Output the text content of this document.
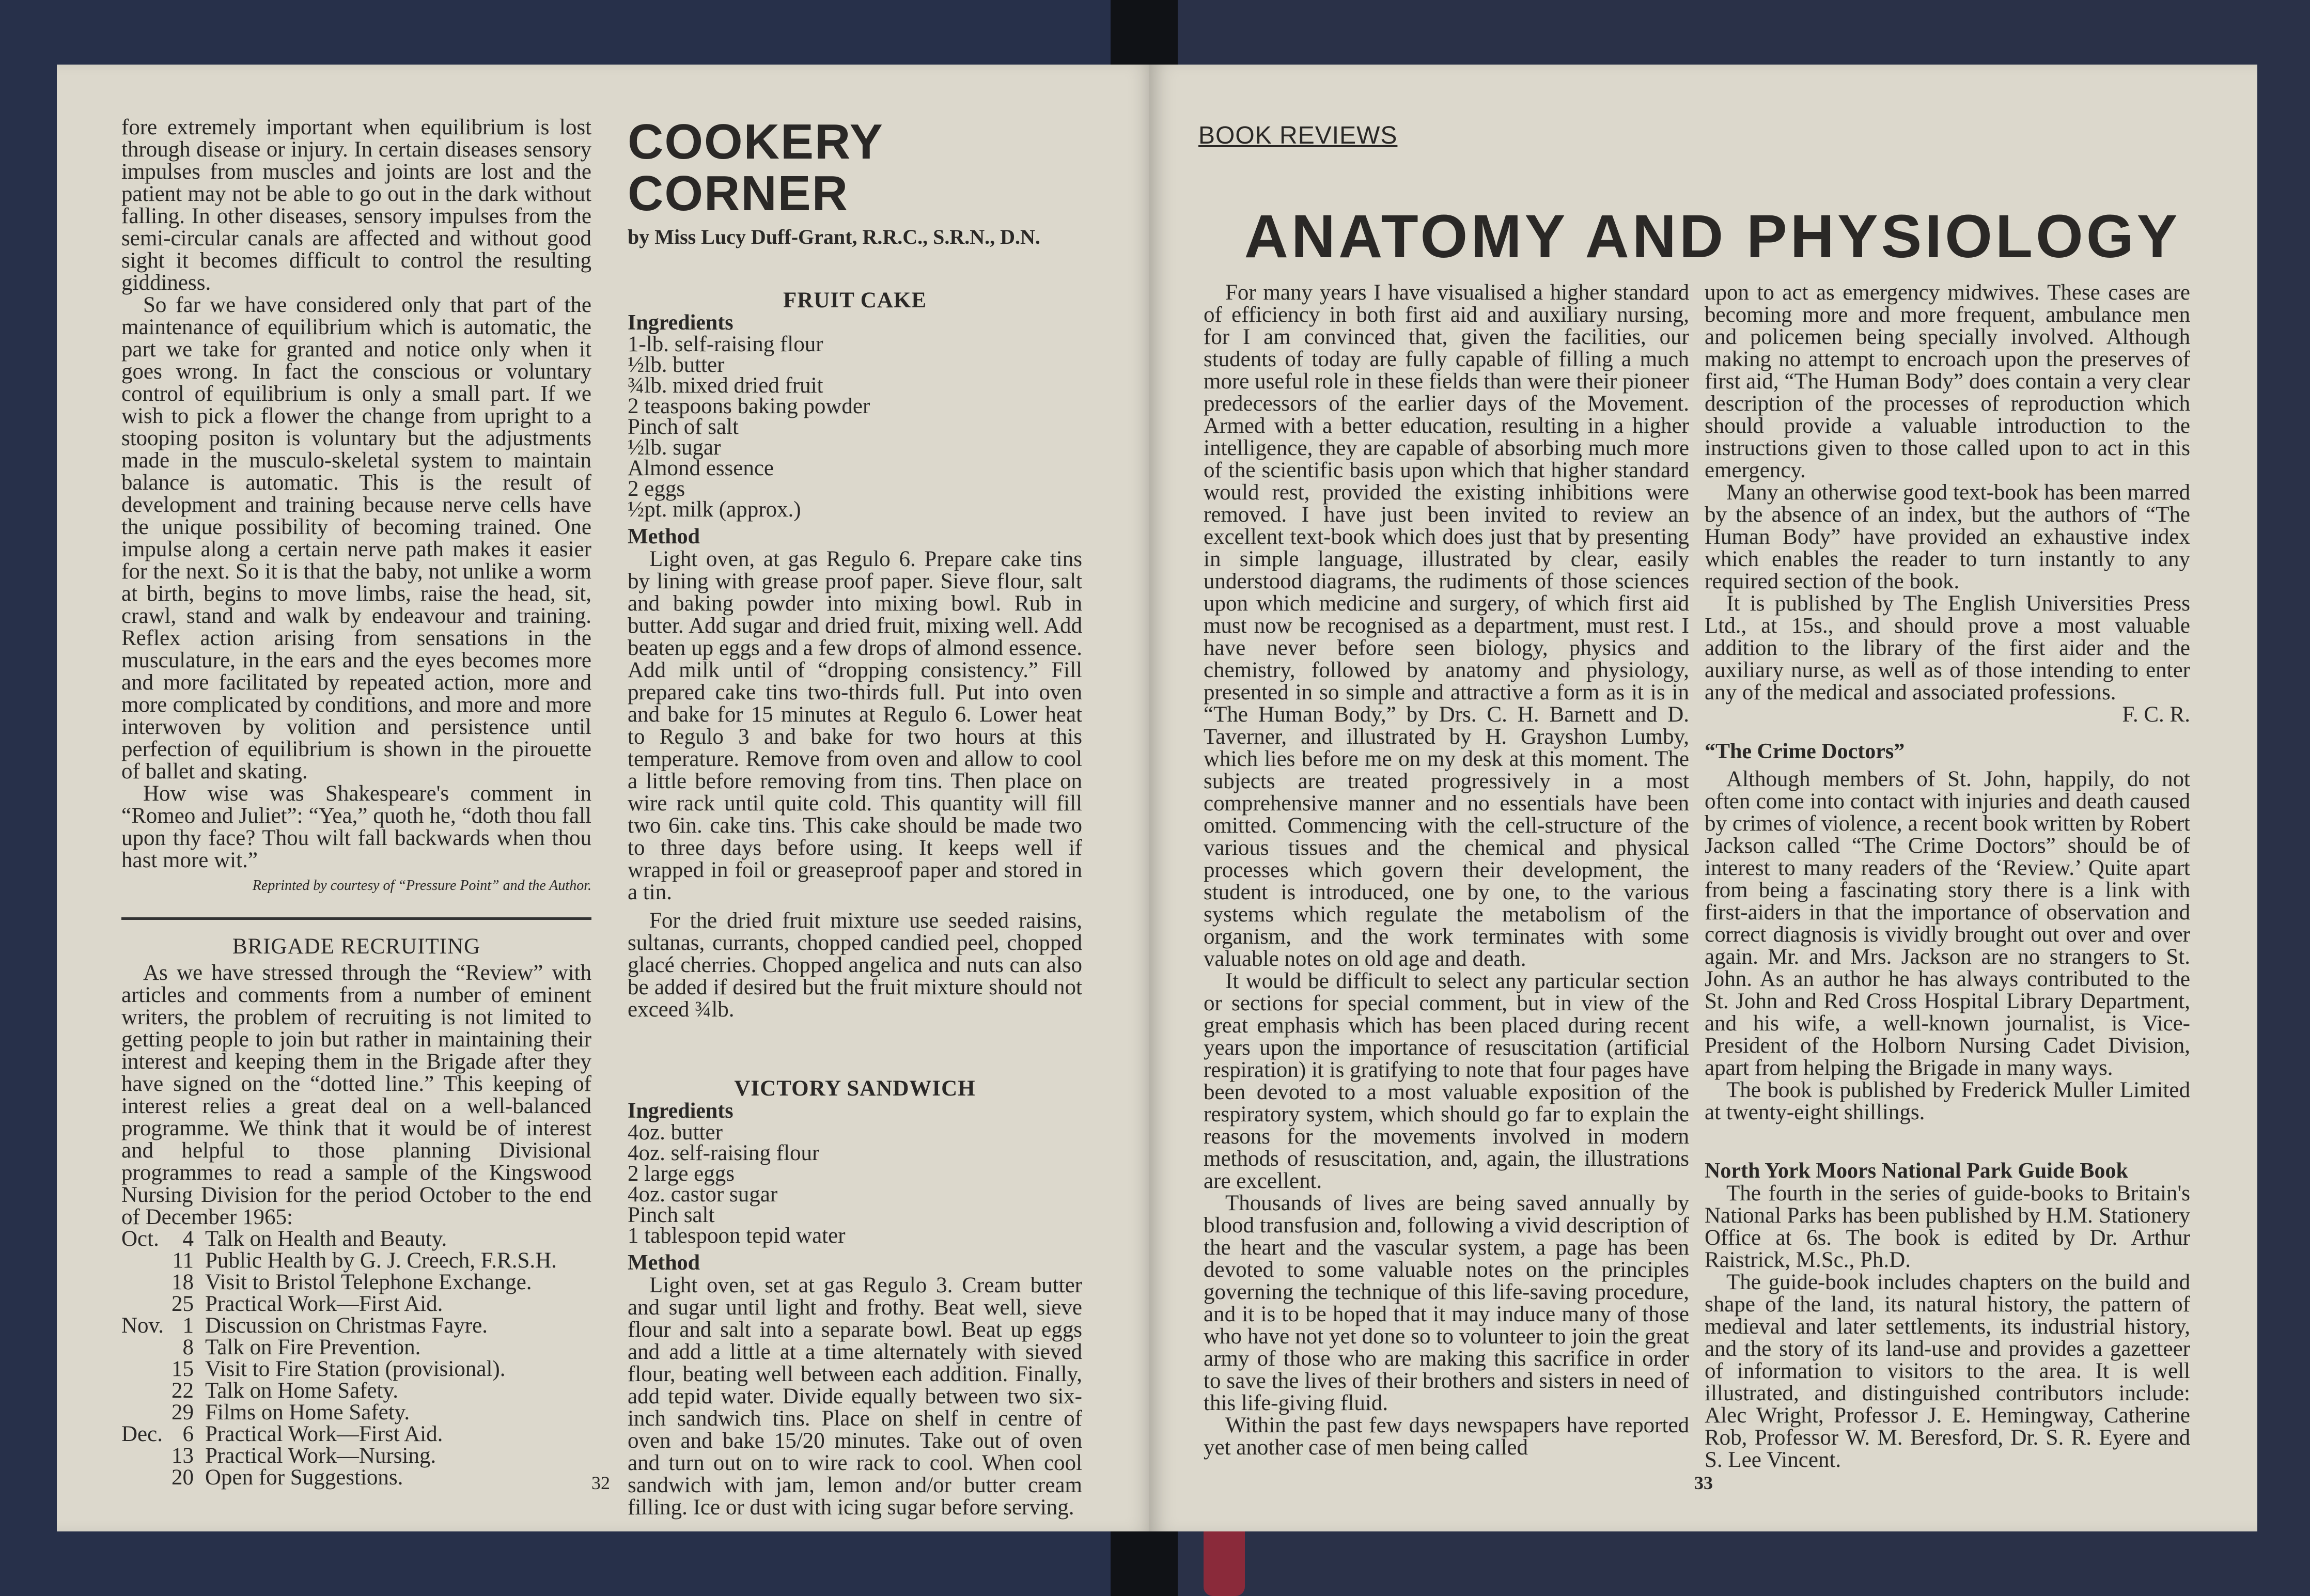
fore extremely important when equilibrium is lost through disease or injury. In certain diseases sensory impulses from muscles and joints are lost and the patient may not be able to go out in the dark without falling. In other diseases, sensory impulses from the semi-circular canals are affected and without good sight it becomes difficult to control the resulting giddiness.

So far we have considered only that part of the maintenance of equilibrium which is automatic, the part we take for granted and notice only when it goes wrong. In fact the conscious or voluntary control of equilibrium is only a small part. If we wish to pick a flower the change from upright to a stooping positon is voluntary but the adjustments made in the musculo-skeletal system to maintain balance is automatic. This is the result of development and training because nerve cells have the unique possibility of becoming trained. One impulse along a certain nerve path makes it easier for the next. So it is that the baby, not unlike a worm at birth, begins to move limbs, raise the head, sit, crawl, stand and walk by endeavour and training. Reflex action arising from sensations in the musculature, in the ears and the eyes becomes more and more facilitated by repeated action, more and more complicated by conditions, and more and more interwoven by volition and persistence until perfection of equilibrium is shown in the pirouette of ballet and skating.

How wise was Shakespeare's comment in “Romeo and Juliet”: “Yea,” quoth he, “doth thou fall upon thy face? Thou wilt fall backwards when thou hast more wit.”

Reprinted by courtesy of “Pressure Point” and the Author.
BRIGADE RECRUITING

As we have stressed through the “Review” with articles and comments from a number of eminent writers, the problem of recruiting is not limited to getting people to join but rather in maintaining their interest and keeping them in the Brigade after they have signed on the “dotted line.” This keeping of interest relies a great deal on a well-balanced programme. We think that it would be of interest and helpful to those planning Divisional programmes to read a sample of the Kingswood Nursing Division for the period October to the end of December 1965:

Oct.	4 Talk on Health and Beauty.
11 Public Health by G. J. Creech, F.R.S.H.
18 Visit to Bristol Telephone Exchange.
25 Practical Work—First Aid.
Nov. 1 Discussion on Christmas Fayre.
8 Talk on Fire Prevention.
15 Visit to Fire Station (provisional).
22 Talk on Home Safety.
29 Films on Home Safety.
Dec. 6 Practical Work—First Aid.
13 Practical Work—Nursing.
20 Open for Suggestions.
COOKERY CORNER
by Miss Lucy Duff-Grant, R.R.C., S.R.N., D.N.
FRUIT CAKE
Ingredients
1-lb. self-raising flour
½lb. butter
¾lb. mixed dried fruit
2 teaspoons baking powder
Pinch of salt
½lb. sugar
Almond essence
2 eggs
½pt. milk (approx.)
Method

Light oven, at gas Regulo 6. Prepare cake tins by lining with grease proof paper. Sieve flour, salt and baking powder into mixing bowl. Rub in butter. Add sugar and dried fruit, mixing well. Add beaten up eggs and a few drops of almond essence. Add milk until of “dropping consistency.” Fill prepared cake tins two-thirds full. Put into oven and bake for 15 minutes at Regulo 6. Lower heat to Regulo 3 and bake for two hours at this temperature. Remove from oven and allow to cool a little before removing from tins. Then place on wire rack until quite cold. This quantity will fill two 6in. cake tins. This cake should be made two to three days before using. It keeps well if wrapped in foil or greaseproof paper and stored in a tin.

For the dried fruit mixture use seeded raisins, sultanas, currants, chopped candied peel, chopped glacé cherries. Chopped angelica and nuts can also be added if desired but the fruit mixture should not exceed ¾lb.

VICTORY SANDWICH
Ingredients
4oz. butter
4oz. self-raising flour
2 large eggs
4oz. castor sugar
Pinch salt
1 tablespoon tepid water
Method

Light oven, set at gas Regulo 3. Cream butter and sugar until light and frothy. Beat well, sieve flour and salt into a separate bowl. Beat up eggs and add a little at a time alternately with sieved flour, beating well between each addition. Finally, add tepid water. Divide equally between two six-inch sandwich tins. Place on shelf in centre of oven and bake 15/20 minutes. Take out of oven and turn out on to wire rack to cool. When cool sandwich with jam, lemon and/or butter cream filling. Ice or dust with icing sugar before serving.

32
BOOK REVIEWS
ANATOMY AND PHYSIOLOGY

For many years I have visualised a higher standard of efficiency in both first aid and auxiliary nursing, for I am convinced that, given the facilities, our students of today are fully capable of filling a much more useful role in these fields than were their pioneer predecessors of the earlier days of the Movement. Armed with a better education, resulting in a higher intelligence, they are capable of absorbing much more of the scientific basis upon which that higher standard would rest, provided the existing inhibitions were removed. I have just been invited to review an excellent text-book which does just that by presenting in simple language, illustrated by clear, easily understood diagrams, the rudiments of those sciences upon which medicine and surgery, of which first aid must now be recognised as a department, must rest. I have never before seen biology, physics and chemistry, followed by anatomy and physiology, presented in so simple and attractive a form as it is in “The Human Body,” by Drs. C. H. Barnett and D. Taverner, and illustrated by H. Grayshon Lumby, which lies before me on my desk at this moment. The subjects are treated progressively in a most comprehensive manner and no essentials have been omitted. Commencing with the cell-structure of the various tissues and the chemical and physical processes which govern their development, the student is introduced, one by one, to the various systems which regulate the metabolism of the organism, and the work terminates with some valuable notes on old age and death.

It would be difficult to select any particular section or sections for special comment, but in view of the great emphasis which has been placed during recent years upon the importance of resuscitation (artificial respiration) it is gratifying to note that four pages have been devoted to a most valuable exposition of the respiratory system, which should go far to explain the reasons for the movements involved in modern methods of resuscitation, and, again, the illustrations are excellent.

Thousands of lives are being saved annually by blood transfusion and, following a vivid description of the heart and the vascular system, a page has been devoted to some valuable notes on the principles governing the technique of this life-saving procedure, and it is to be hoped that it may induce many of those who have not yet done so to volunteer to join the great army of those who are making this sacrifice in order to save the lives of their brothers and sisters in need of this life-giving fluid.

Within the past few days newspapers have reported yet another case of men being called

upon to act as emergency midwives. These cases are becoming more and more frequent, ambulance men and policemen being specially involved. Although making no attempt to encroach upon the preserves of first aid, “The Human Body” does contain a very clear description of the processes of reproduction which should provide a valuable introduction to the instructions given to those called upon to act in this emergency.

Many an otherwise good text-book has been marred by the absence of an index, but the authors of “The Human Body” have provided an exhaustive index which enables the reader to turn instantly to any required section of the book.

It is published by The English Universities Press Ltd., at 15s., and should prove a most valuable addition to the library of the first aider and the auxiliary nurse, as well as of those intending to enter any of the medical and associated professions.

F. C. R.
“The Crime Doctors”

Although members of St. John, happily, do not often come into contact with injuries and death caused by crimes of violence, a recent book written by Robert Jackson called “The Crime Doctors” should be of interest to many readers of the ‘Review.’ Quite apart from being a fascinating story there is a link with first-aiders in that the importance of observation and correct diagnosis is vividly brought out over and over again. Mr. and Mrs. Jackson are no strangers to St. John. As an author he has always contributed to the St. John and Red Cross Hospital Library Department, and his wife, a well-known journalist, is Vice-President of the Holborn Nursing Cadet Division, apart from helping the Brigade in many ways.

The book is published by Frederick Muller Limited at twenty-eight shillings.

North York Moors National Park Guide Book

The fourth in the series of guide-books to Britain's National Parks has been published by H.M. Stationery Office at 6s. The book is edited by Dr. Arthur Raistrick, M.Sc., Ph.D.

The guide-book includes chapters on the build and shape of the land, its natural history, the pattern of medieval and later settlements, its industrial history, and the story of its land-use and provides a gazetteer of information to visitors to the area. It is well illustrated, and distinguished contributors include: Alec Wright, Professor J. E. Hemingway, Catherine Rob, Professor W. M. Beresford, Dr. S. R. Eyere and S. Lee Vincent.

33
